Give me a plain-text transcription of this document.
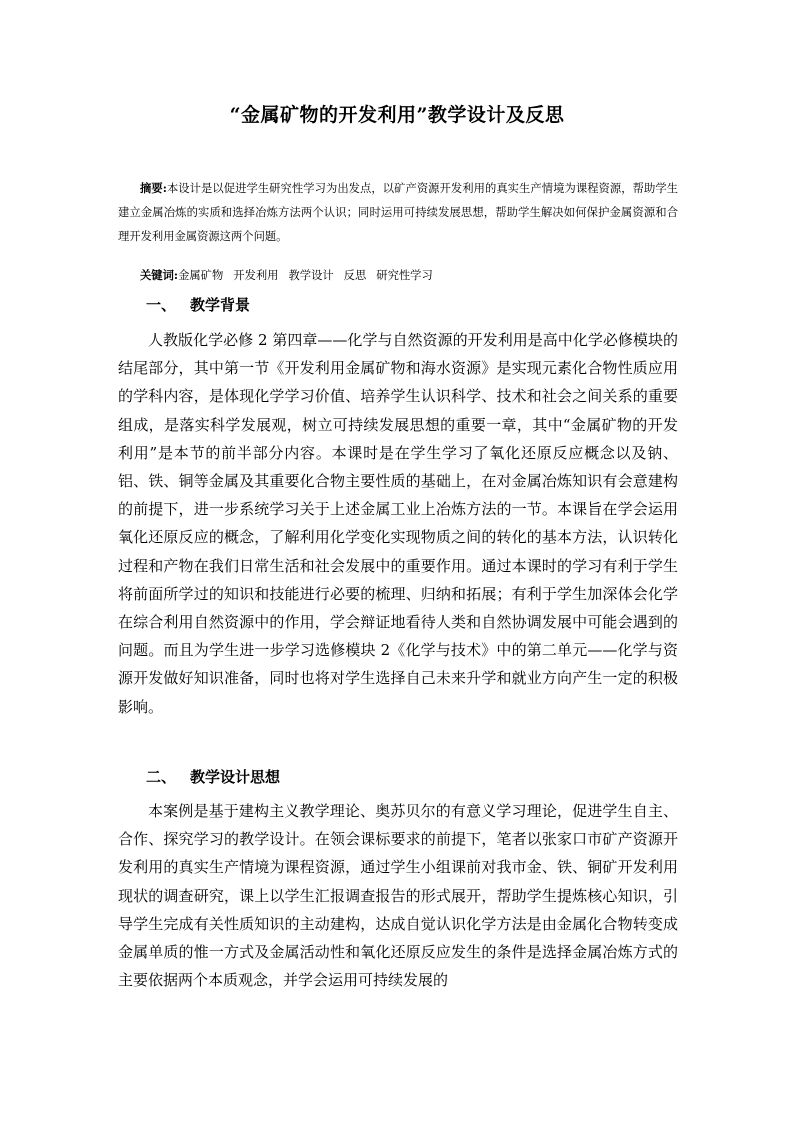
“金属矿物的开发利用”教学设计及反思
摘要:本设计是以促进学生研究性学习为出发点，以矿产资源开发利用的真实生产情境为课程资源，帮助学生建立金属冶炼的实质和选择冶炼方法两个认识；同时运用可持续发展思想，帮助学生解决如何保护金属资源和合理开发利用金属资源这两个问题。
关键词:金属矿物 开发利用 教学设计 反思 研究性学习
一、 教学背景
人教版化学必修 2 第四章——化学与自然资源的开发利用是高中化学必修模块的结尾部分，其中第一节《开发利用金属矿物和海水资源》是实现元素化合物性质应用的学科内容，是体现化学学习价值、培养学生认识科学、技术和社会之间关系的重要组成，是落实科学发展观，树立可持续发展思想的重要一章，其中“金属矿物的开发利用”是本节的前半部分内容。本课时是在学生学习了氧化还原反应概念以及钠、铝、铁、铜等金属及其重要化合物主要性质的基础上，在对金属冶炼知识有会意建构的前提下，进一步系统学习关于上述金属工业上冶炼方法的一节。本课旨在学会运用氧化还原反应的概念，了解利用化学变化实现物质之间的转化的基本方法，认识转化过程和产物在我们日常生活和社会发展中的重要作用。通过本课时的学习有利于学生将前面所学过的知识和技能进行必要的梳理、归纳和拓展；有利于学生加深体会化学在综合利用自然资源中的作用，学会辩证地看待人类和自然协调发展中可能会遇到的问题。而且为学生进一步学习选修模块 2《化学与技术》中的第二单元——化学与资源开发做好知识准备，同时也将对学生选择自己未来升学和就业方向产生一定的积极影响。
二、 教学设计思想
本案例是基于建构主义教学理论、奥苏贝尔的有意义学习理论，促进学生自主、合作、探究学习的教学设计。在领会课标要求的前提下，笔者以张家口市矿产资源开发利用的真实生产情境为课程资源，通过学生小组课前对我市金、铁、铜矿开发利用现状的调查研究，课上以学生汇报调查报告的形式展开，帮助学生提炼核心知识，引导学生完成有关性质知识的主动建构，达成自觉认识化学方法是由金属化合物转变成金属单质的惟一方式及金属活动性和氧化还原反应发生的条件是选择金属冶炼方式的主要依据两个本质观念，并学会运用可持续发展的
